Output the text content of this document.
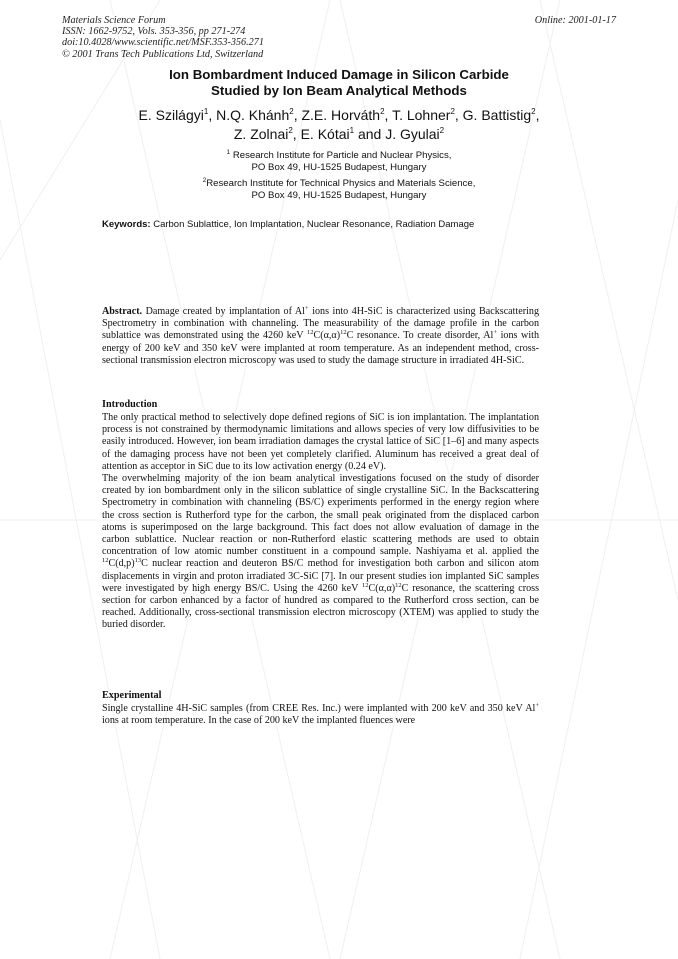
Materials Science Forum
ISSN: 1662-9752, Vols. 353-356, pp 271-274
doi:10.4028/www.scientific.net/MSF.353-356.271
© 2001 Trans Tech Publications Ltd, Switzerland
Online: 2001-01-17
Ion Bombardment Induced Damage in Silicon Carbide
Studied by Ion Beam Analytical Methods
E. Szilágyi$^1$, N.Q. Khánh$^2$, Z.E. Horváth$^2$, T. Lohner$^2$, G. Battistig$^2$,
Z. Zolnai$^2$, E. Kótai$^1$ and J. Gyulai$^2$
$^1$ Research Institute for Particle and Nuclear Physics,
PO Box 49, HU-1525 Budapest, Hungary
$^2$Research Institute for Technical Physics and Materials Science,
PO Box 49, HU-1525 Budapest, Hungary
Keywords: Carbon Sublattice, Ion Implantation, Nuclear Resonance, Radiation Damage

Abstract. Damage created by implantation of Al+ ions into 4H-SiC is characterized using Backscattering Spectrometry in combination with channeling. The measurability of the damage profile in the carbon sublattice was demonstrated using the 4260 keV $^{12}C(\alpha,\alpha)^{12}C$ resonance. To create disorder, Al+ ions with energy of 200 keV and 350 keV were implanted at room temperature. As an independent method, cross-sectional transmission electron microscopy was used to study the damage structure in irradiated 4H-SiC.

Introduction

The only practical method to selectively dope defined regions of SiC is ion implantation. The implantation process is not constrained by thermodynamic limitations and allows species of very low diffusivities to be easily introduced. However, ion beam irradiation damages the crystal lattice of SiC [1–6] and many aspects of the damaging process have not been yet completely clarified. Aluminum has received a great deal of attention as acceptor in SiC due to its low activation energy (0.24 eV).

The overwhelming majority of the ion beam analytical investigations focused on the study of disorder created by ion bombardment only in the silicon sublattice of single crystalline SiC. In the Backscattering Spectrometry in combination with channeling (BS/C) experiments performed in the energy region where the cross section is Rutherford type for the carbon, the small peak originated from the displaced carbon atoms is superimposed on the large background. This fact does not allow evaluation of damage in the carbon sublattice. Nuclear reaction or non-Rutherford elastic scattering methods are used to obtain concentration of low atomic number constituent in a compound sample. Nashiyama et al. applied the $^{12}C(d,p)^{13}C$ nuclear reaction and deuteron BS/C method for investigation both carbon and silicon atom displacements in virgin and proton irradiated 3C-SiC [7]. In our present studies ion implanted SiC samples were investigated by high energy BS/C. Using the 4260 keV $^{12}C(\alpha,\alpha)^{12}C$ resonance, the scattering cross section for carbon enhanced by a factor of hundred as compared to the Rutherford cross section, can be reached. Additionally, cross-sectional transmission electron microscopy (XTEM) was applied to study the buried disorder.

Experimental

Single crystalline 4H-SiC samples (from CREE Res. Inc.) were implanted with 200 keV and 350 keV Al+ ions at room temperature. In the case of 200 keV the implanted fluences were
